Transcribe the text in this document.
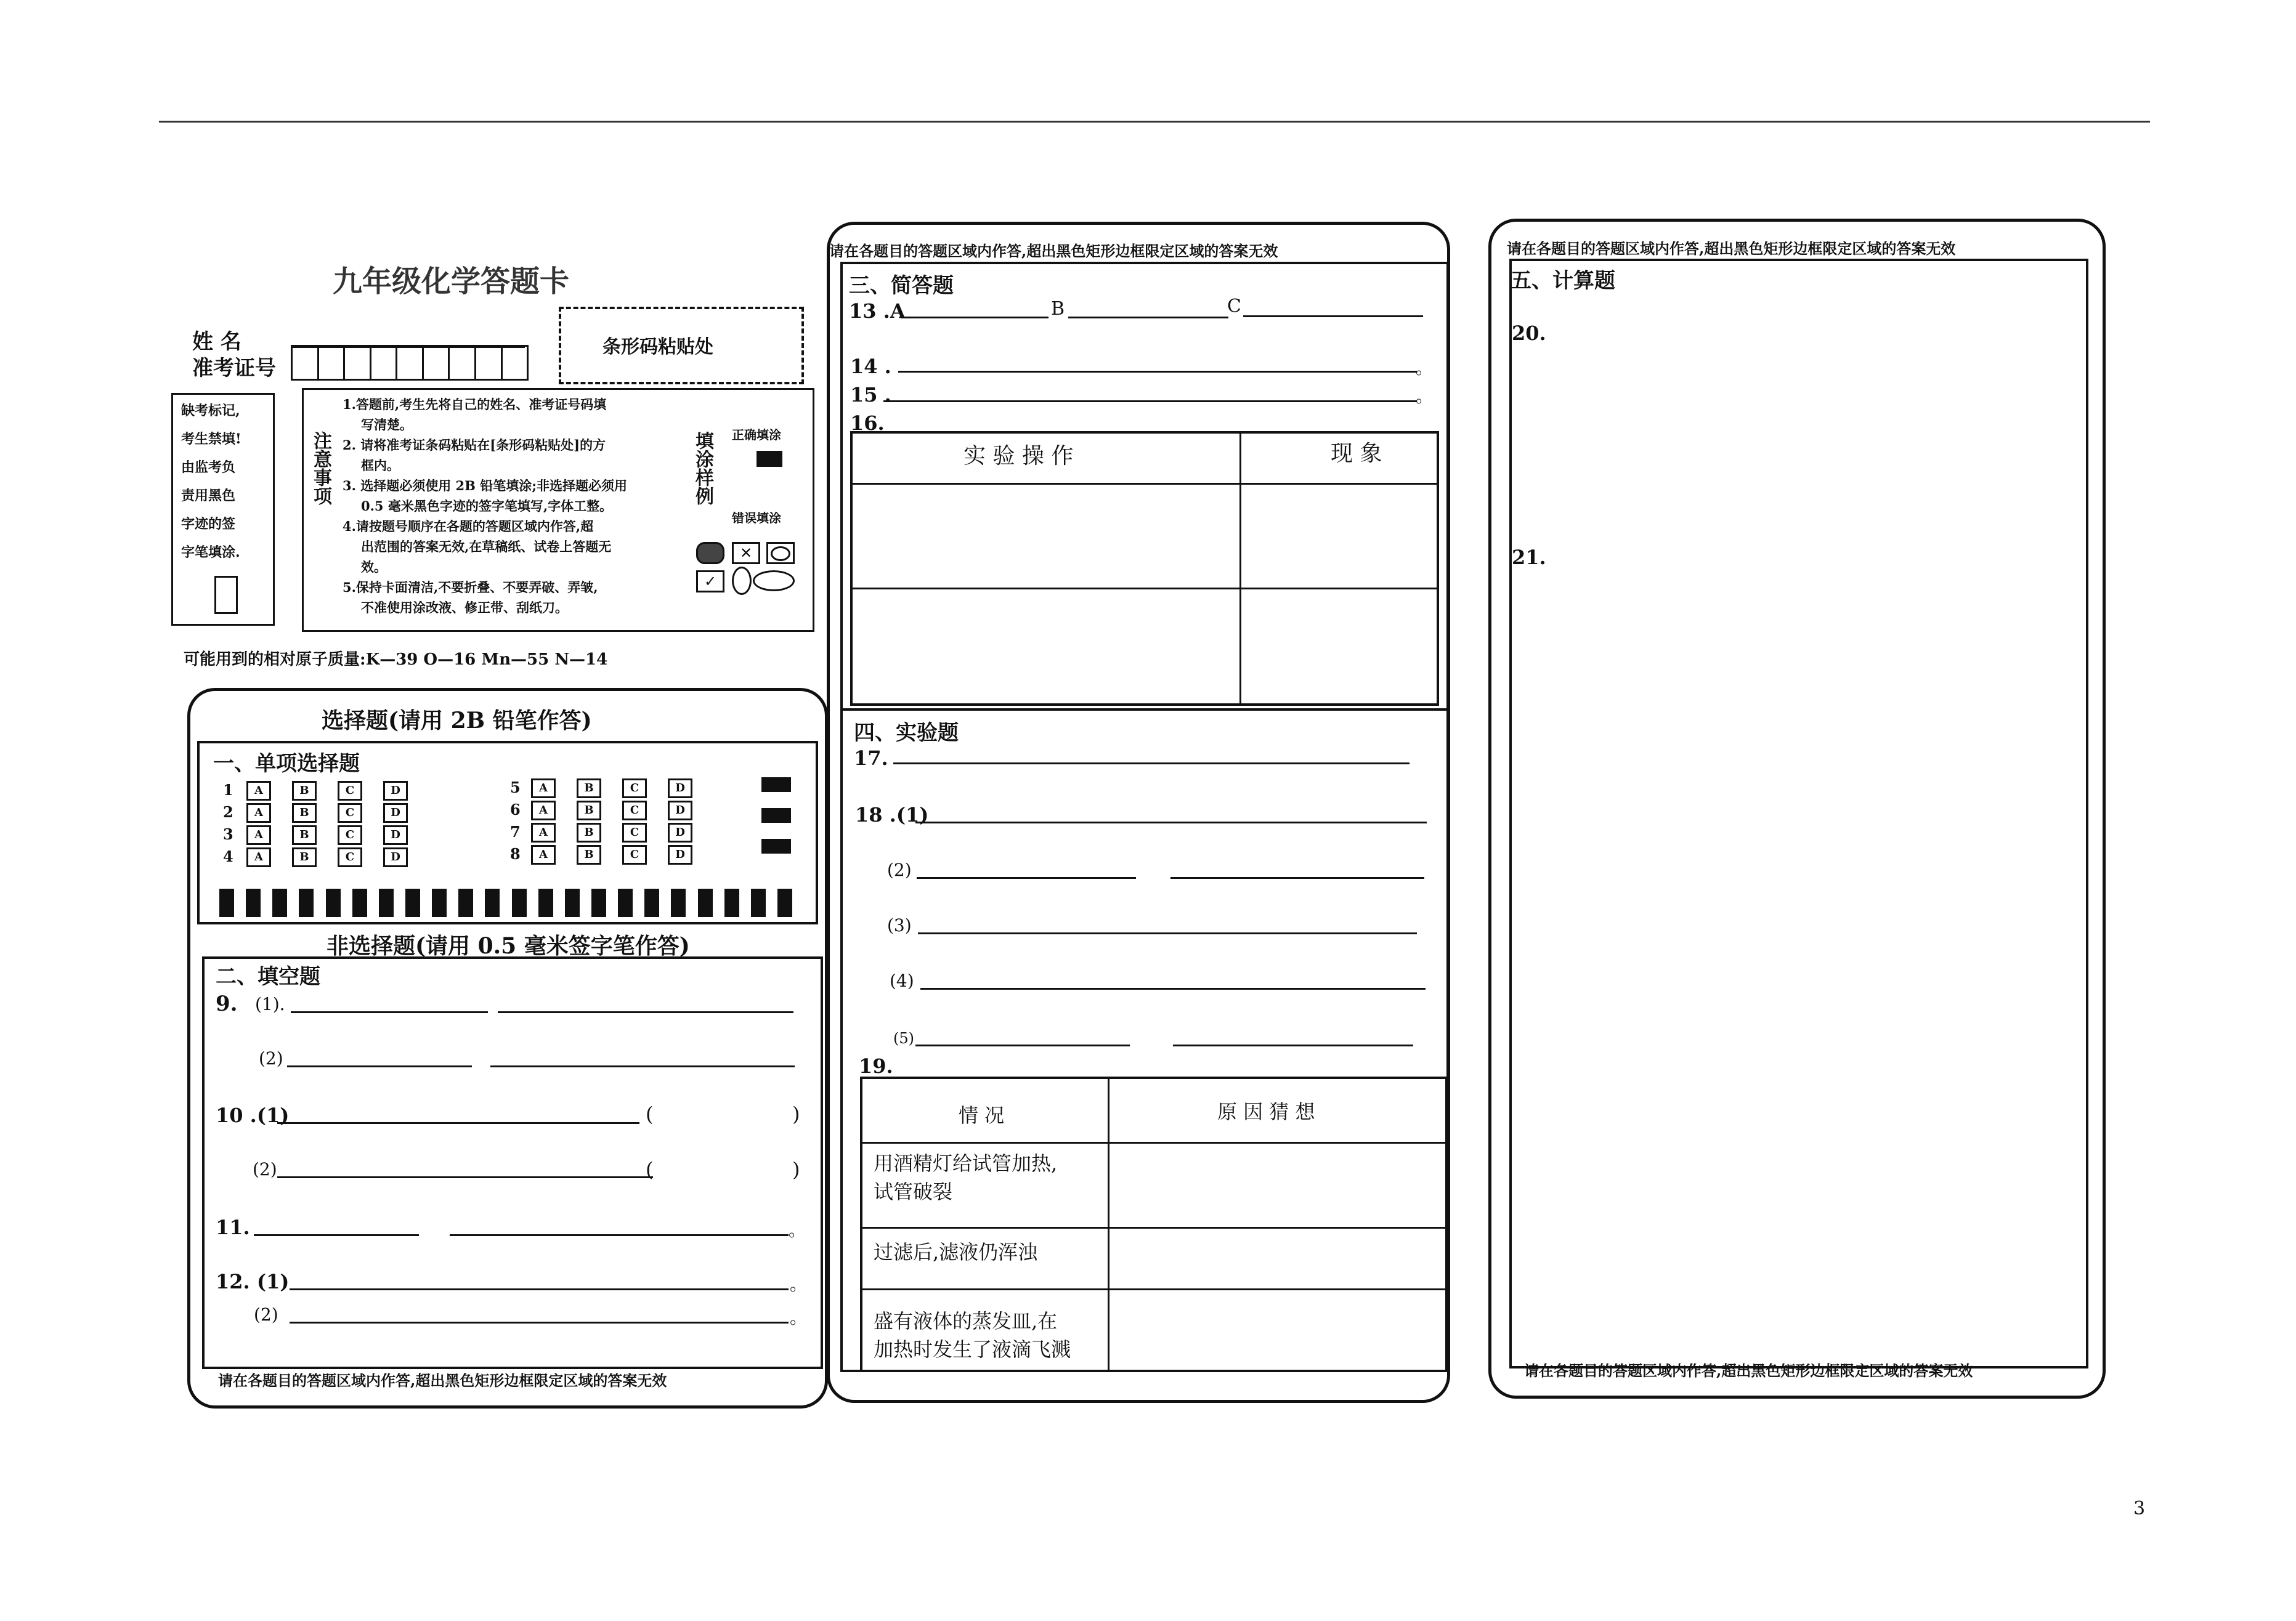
3
九年级化学答题卡
姓 名
准考证号
条形码粘贴处
缺考标记,
考生禁填!
由监考负
责用黑色
字迹的签
字笔填涂.
注意事项
1.答题前,考生先将自己的姓名、准考证号码填
写清楚。
2. 请将准考证条码粘贴在[条形码粘贴处]的方
框内。
3. 选择题必须使用 2B 铅笔填涂;非选择题必须用
0.5 毫米黑色字迹的签字笔填写,字体工整。
4.请按题号顺序在各题的答题区域内作答,超
出范围的答案无效,在草稿纸、试卷上答题无
效。
5.保持卡面清洁,不要折叠、不要弄破、弄皱,
不准使用涂改液、修正带、刮纸刀。
填涂样例 正确填涂
错误填涂
✕
✓
可能用到的相对原子质量:K—39 O—16 Mn—55 N—14
选择题(请用 2B 铅笔作答)
一、单项选择题
1	A	B	C	D
2	A	B	C	D
3	A	B	C	D
4	A	B	C	D
5	A	B	C	D
6	A	B	C	D
7	A	B	C	D
8	A	B	C	D
非选择题(请用 0.5 毫米签字笔作答)
二、填空题
9. (1).
(2)
10 .(1)	(	)
(2)	(	)
11.	。
12. (1)	。
(2)	。
请在各题目的答题区域内作答,超出黑色矩形边框限定区域的答案无效
请在各题目的答题区域内作答,超出黑色矩形边框限定区域的答案无效
三、简答题
13 .A	B	C
14 .	。
15 .	。
16.
实 验 操 作	现 象
四、实验题
17.
18 .(1)
(2)
(3)
(4)
(5)
19.
情 况	原 因 猜 想
用酒精灯给试管加热,
试管破裂
过滤后,滤液仍浑浊
盛有液体的蒸发皿,在
加热时发生了液滴飞溅
请在各题目的答题区域内作答,超出黑色矩形边框限定区域的答案无效
五、计算题
20.
21.
请在各题目的答题区域内作答,超出黑色矩形边框限定区域的答案无效
